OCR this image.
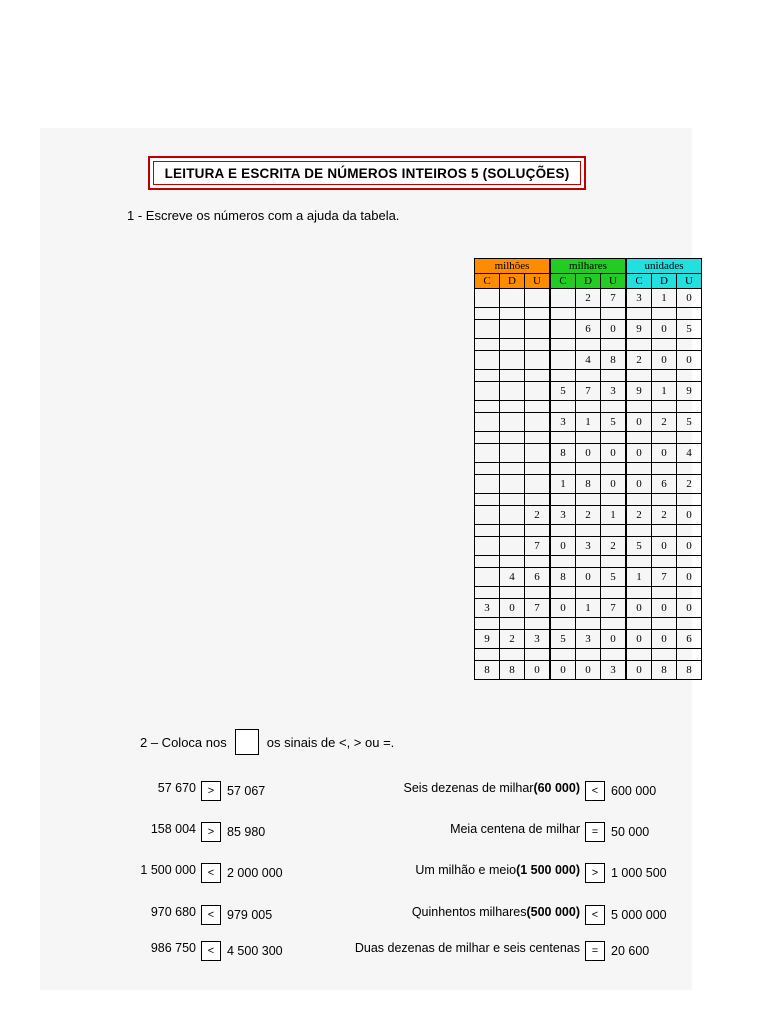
LEITURA E ESCRITA DE NÚMEROS INTEIROS 5 (SOLUÇÕES)
1 - Escreve os números com a ajuda da tabela.
milhões			milhares			unidades		
C	D	U	C	D	U	C	D	U
				2	7	3	1	0

				6	0	9	0	5

				4	8	2	0	0

			5	7	3	9	1	9

			3	1	5	0	2	5

			8	0	0	0	0	4

			1	8	0	0	6	2

		2	3	2	1	2	2	0

		7	0	3	2	5	0	0

	4	6	8	0	5	1	7	0

3	0	7	0	1	7	0	0	0

9	2	3	5	3	0	0	0	6

8	8	0	0	0	3	0	8	8
2 – Coloca nos	os sinais de <, > ou =.
57 670	>	57 067
158 004	>	85 980
1 500 000	<	2 000 000
970 680	<	979 005
986 750	<	4 500 300
Seis dezenas de milhar (60 000)	<	600 000
Meia centena de milhar	=	50 000
Um milhão e meio (1 500 000)	>	1 000 500
Quinhentos milhares (500 000)	<	5 000 000
Duas dezenas de milhar e seis centenas	=	20 600
